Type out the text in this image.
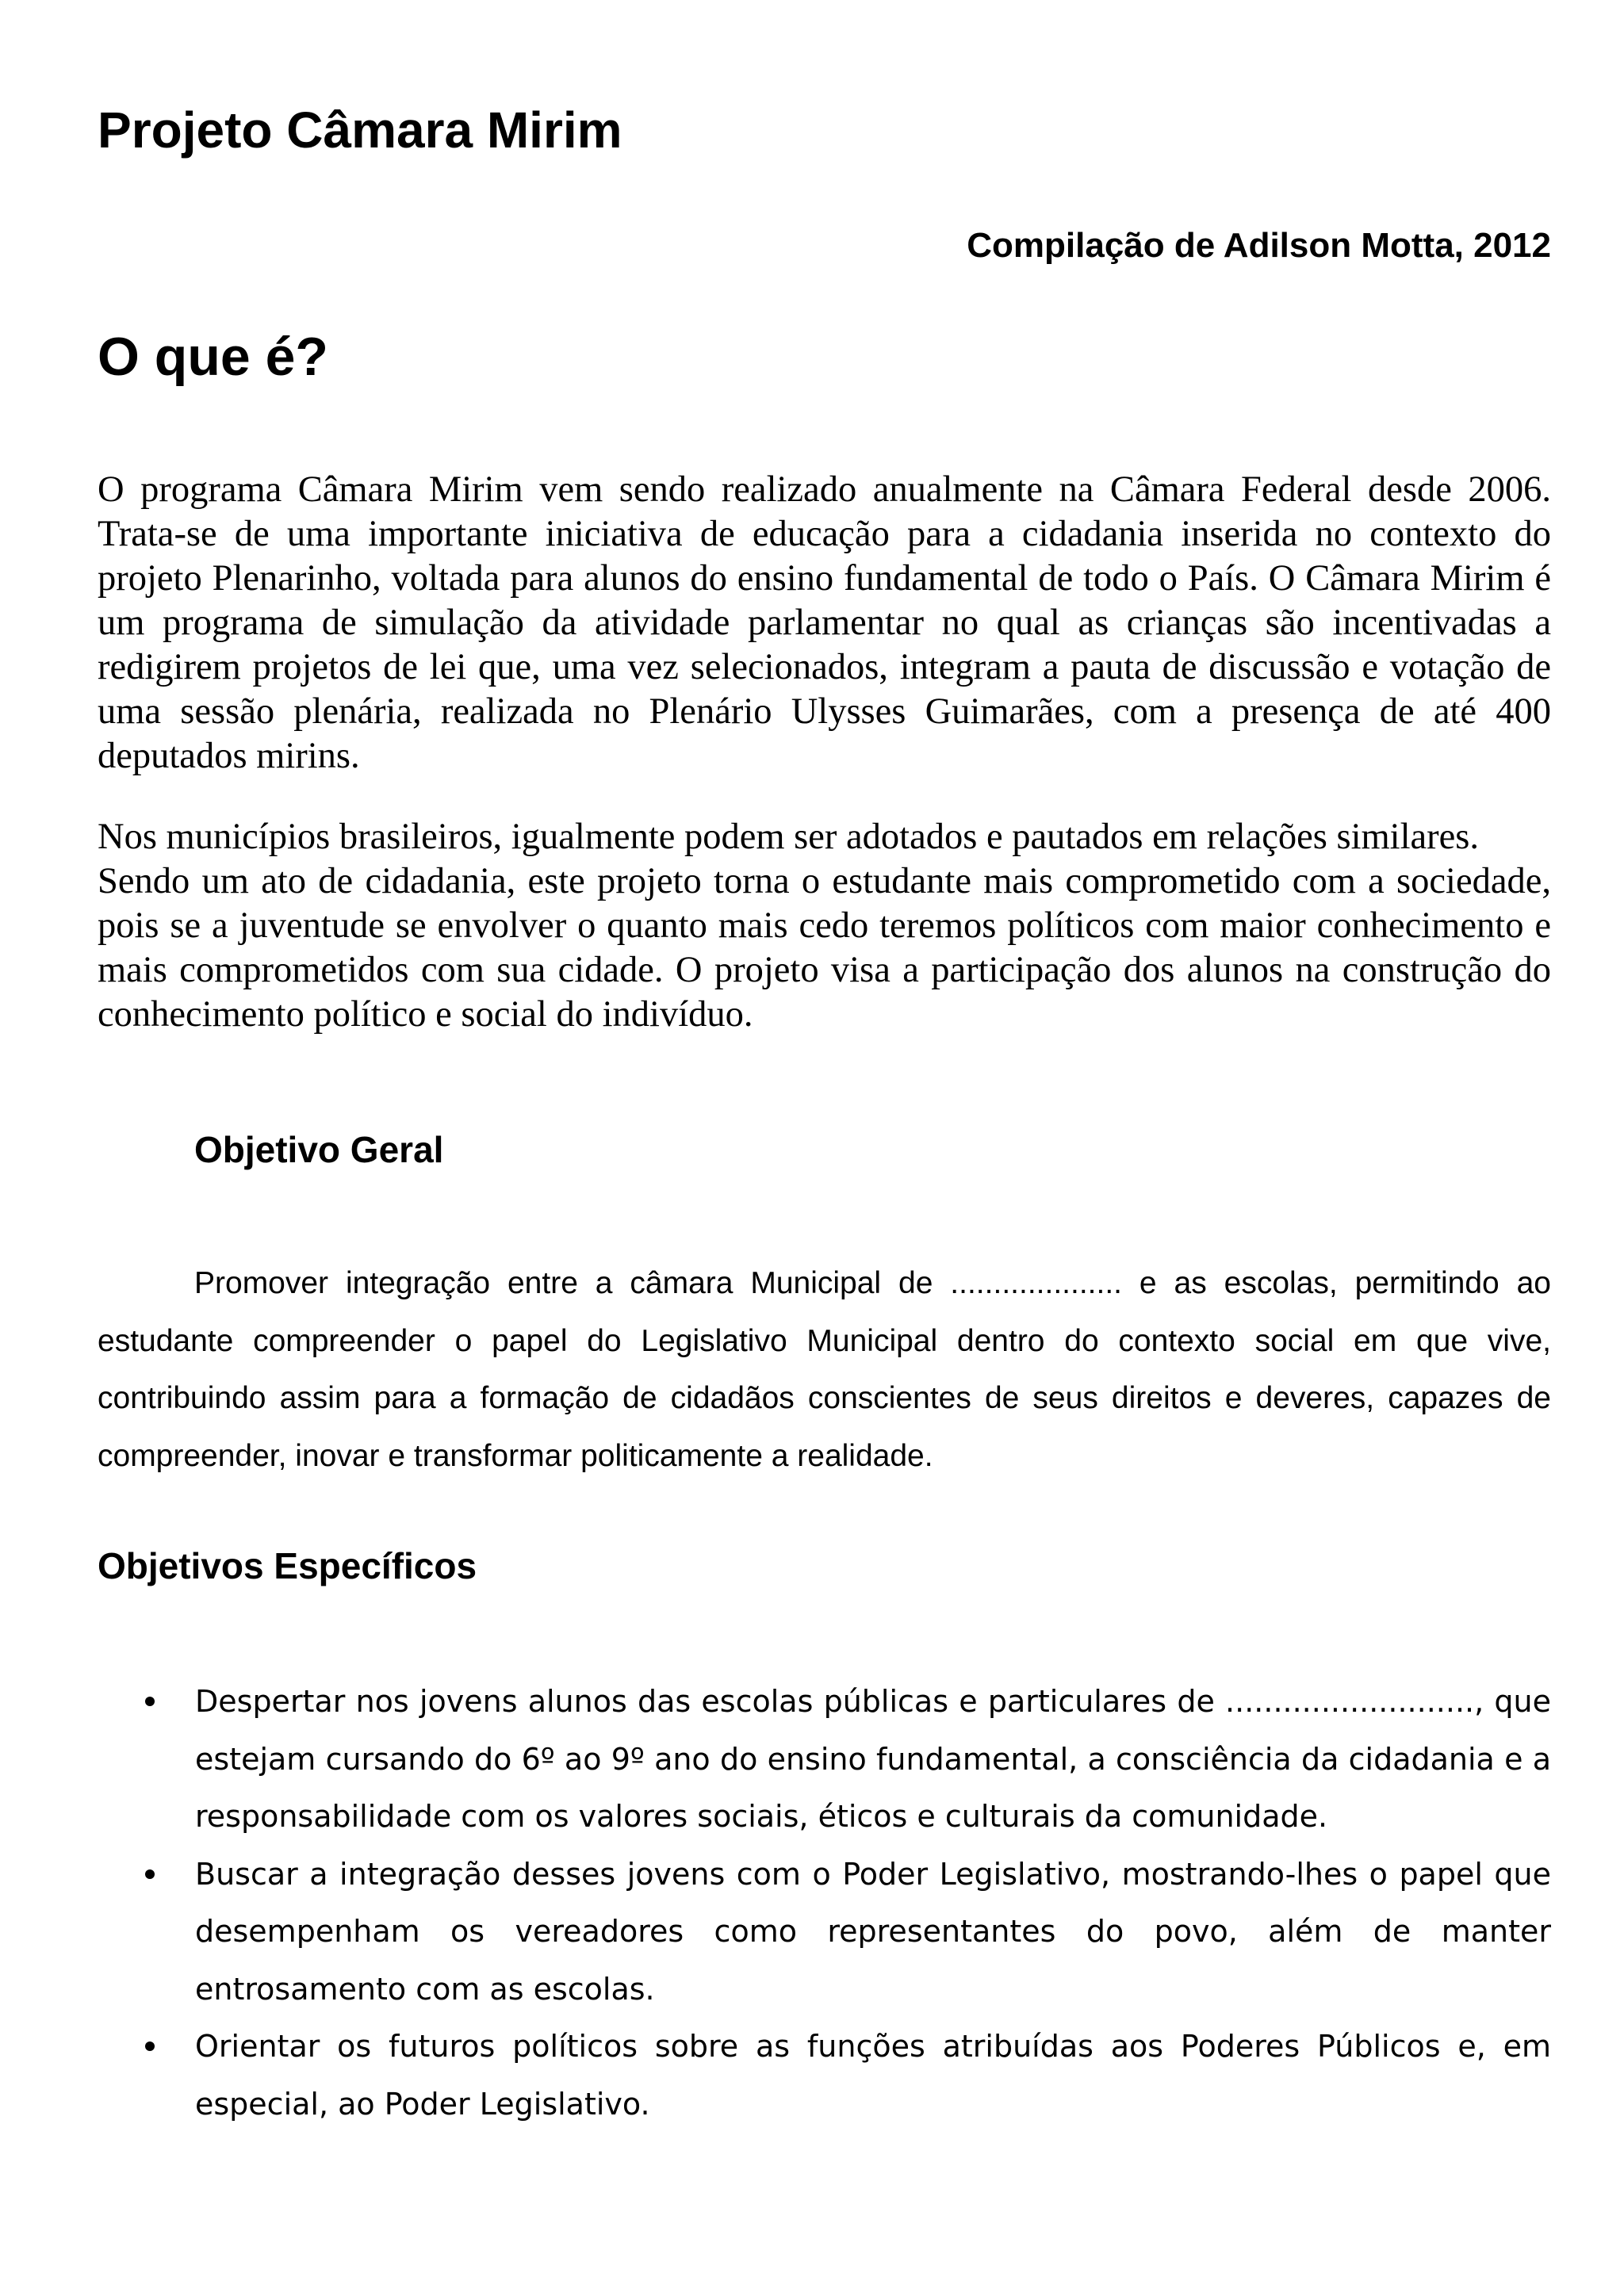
Projeto Câmara Mirim

Compilação de Adilson Motta, 2012

O que é?

O programa Câmara Mirim vem sendo realizado anualmente na Câmara Federal desde 2006. Trata-se de uma importante iniciativa de educação para a cidadania inserida no contexto do projeto Plenarinho, voltada para alunos do ensino fundamental de todo o País. O Câmara Mirim é um programa de simulação da atividade parlamentar no qual as crianças são incentivadas a redigirem projetos de lei que, uma vez selecionados, integram a pauta de discussão e votação de uma sessão plenária, realizada no Plenário Ulysses Guimarães, com a presença de até 400 deputados mirins.

Nos municípios brasileiros, igualmente podem ser adotados e pautados em relações similares.
Sendo um ato de cidadania, este projeto torna o estudante mais comprometido com a sociedade, pois se a juventude se envolver o quanto mais cedo teremos políticos com maior conhecimento e mais comprometidos com sua cidade. O projeto visa a participação dos alunos na construção do conhecimento político e social do indivíduo.

Objetivo Geral

Promover integração entre a câmara Municipal de .................... e as escolas, permitindo ao estudante compreender o papel do Legislativo Municipal dentro do contexto social em que vive, contribuindo assim para a formação de cidadãos conscientes de seus direitos e deveres, capazes de compreender, inovar e transformar politicamente a realidade.

Objetivos Específicos
Despertar nos jovens alunos das escolas públicas e particulares de .........................., que estejam cursando do 6º ao 9º ano do ensino fundamental, a consciência da cidadania e a responsabilidade com os valores sociais, éticos e culturais da comunidade.
Buscar a integração desses jovens com o Poder Legislativo, mostrando-lhes o papel que desempenham os vereadores como representantes do povo, além de manter entrosamento com as escolas.
Orientar os futuros políticos sobre as funções atribuídas aos Poderes Públicos e, em especial, ao Poder Legislativo.
